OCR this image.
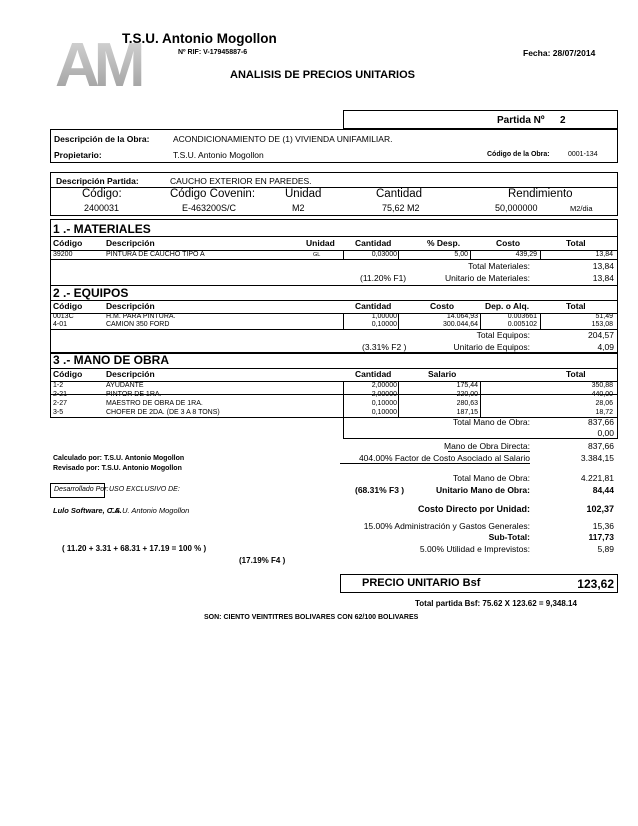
AM
T.S.U. Antonio Mogollon
Nº RIF: V-17945887-6	Fecha: 28/07/2014
ANALISIS DE PRECIOS UNITARIOS
Partida Nº 2
Descripción de la Obra:	ACONDICIONAMIENTO DE (1) VIVIENDA UNIFAMILIAR.
Propietario:	T.S.U. Antonio Mogollon	Código de la Obra:	0001-134
Descripción Partida:	CAUCHO EXTERIOR EN PAREDES.
Código:	Código Covenin:	Unidad	Cantidad	Rendimiento
2400031	E-463200S/C	M2	75,62 M2	50,000000	M2/dia
1 .- MATERIALES
Código	Descripción	Unidad Cantidad	% Desp.	Costo	Total
39200	PINTURA DE CAUCHO TIPO A	GL	0,03000	5,00	439,29	13,84
Total Materiales:	13,84
(11.20% F1)	Unitario de Materiales:	13,84
2 .- EQUIPOS
Código	Descripción	Cantidad	Costo	Dep. o Alq.	Total
0013C	H.M. PARA PINTURA.	1,00000	14.064,93	0.003661	51,49
4-01	CAMION 350 FORD	0,10000	300.044,64	0.005102	153,08
Total Equipos:	204,57
(3.31% F2 )	Unitario de Equipos:	4,09
3 .- MANO DE OBRA
Código	Descripción	Cantidad	Salario	Total
1-2	AYUDANTE	2,00000	175,44	350,88
2-21	PINTOR DE 1RA.	2,00000	220,00	440,00
2-27	MAESTRO DE OBRA DE 1RA.	0,10000	280,63	28,06
3-5	CHOFER DE 2DA. (DE 3 A 8 TONS)	0,10000	187,15	18,72
Total Mano de Obra:	837,66
0,00
Mano de Obra Directa:	837,66
404.00% Factor de Costo Asociado al Salario	3.384,15
Calculado por: T.S.U. Antonio Mogollon
Revisado por: T.S.U. Antonio Mogollon
Total Mano de Obra:	4.221,81
(68.31% F3 )	Unitario Mano de Obra:	84,44
Desarrollado Por: USO EXCLUSIVO DE:
Lulo Software, C.A.
T.S.U. Antonio Mogollon	Costo Directo por Unidad:	102,37
15.00% Administración y Gastos Generales:	15,36
Sub-Total:	117,73
( 11.20 + 3.31 + 68.31 + 17.19 = 100 % )	5.00% Utilidad e Imprevistos:	5,89
(17.19% F4 )
PRECIO UNITARIO Bsf	123,62
Total partida Bsf: 75.62 X 123.62 = 9,348.14
SON: CIENTO VEINTITRES BOLIVARES CON 62/100 BOLIVARES
